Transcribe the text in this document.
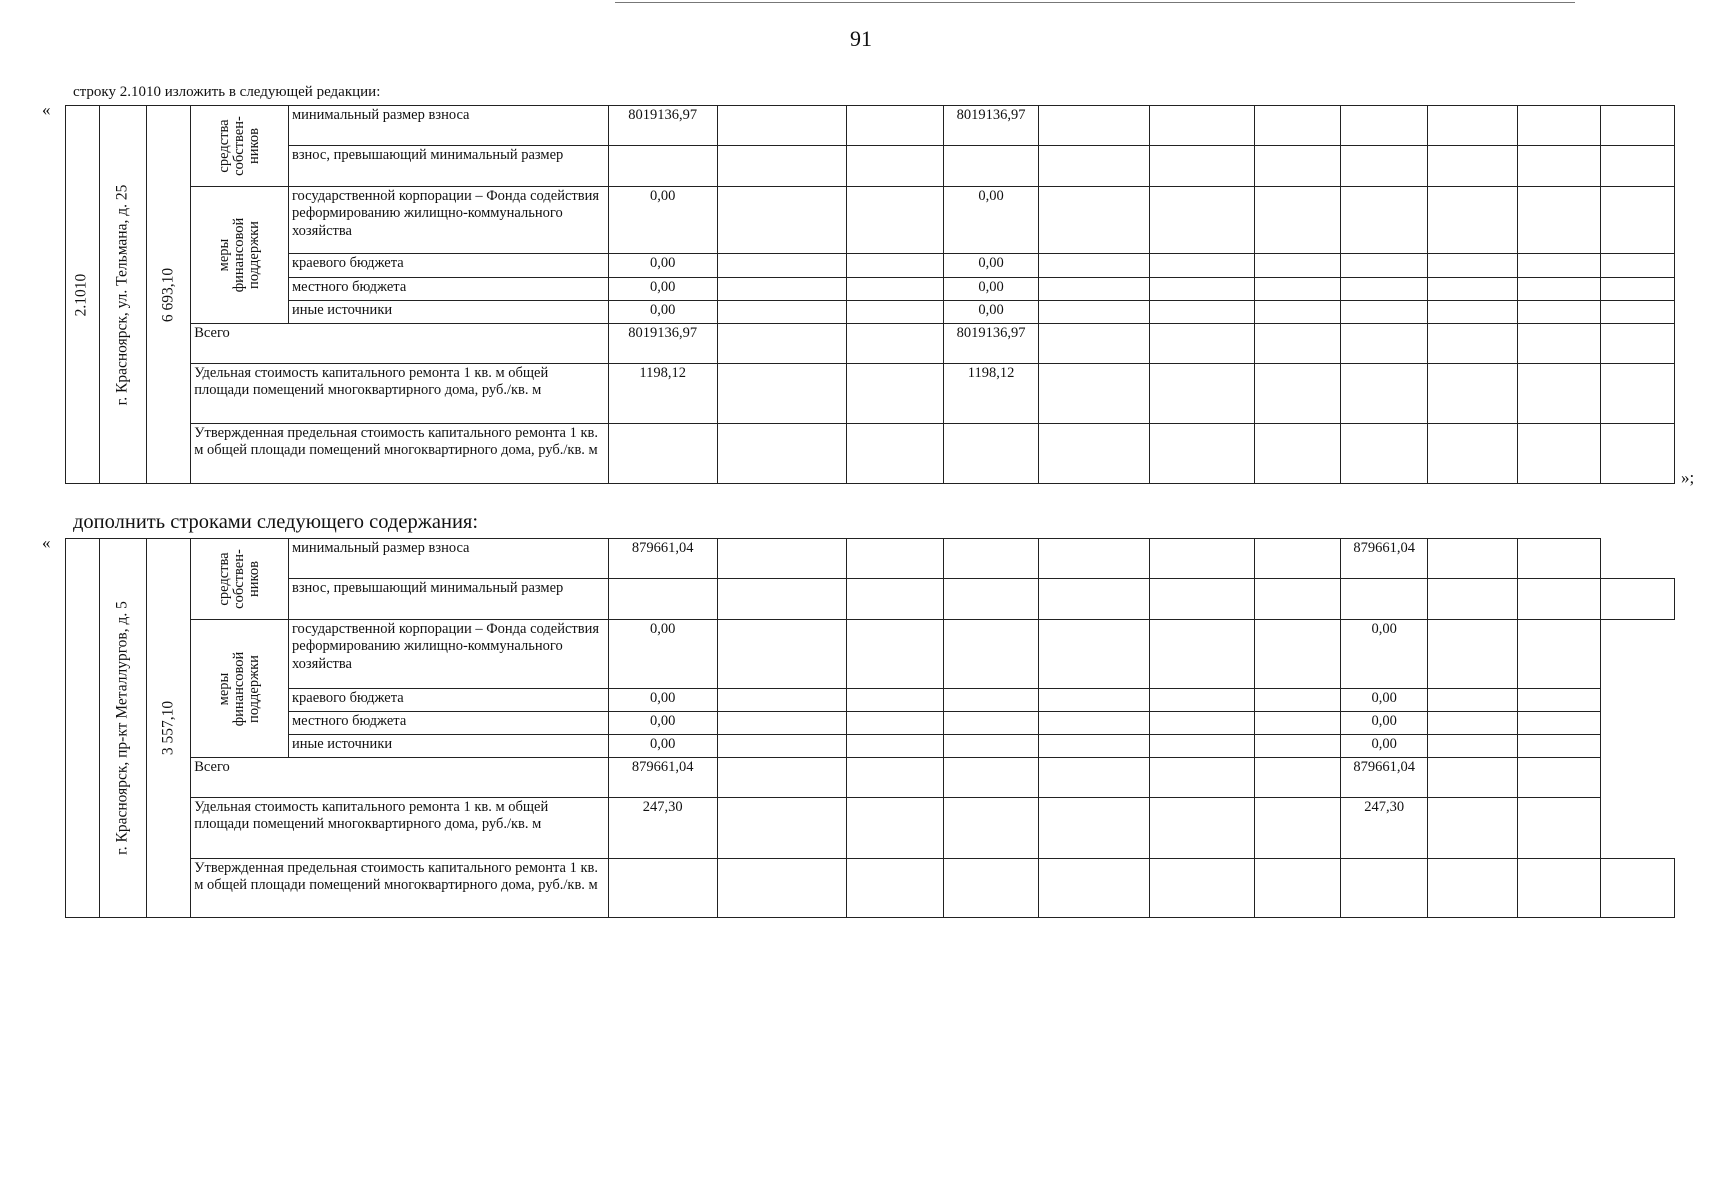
91
строку 2.1010 изложить в следующей редакции:
«
2.1010	г. Красноярск, ул. Тельмана, д. 25	6 693,10	средства
собствен-
ников	минимальный размер взноса	8019136,97			8019136,97							
				взнос, превышающий минимальный размер											

			меры финансовой
поддержки	государственной корпорации – Фонда содействия реформированию жилищно-коммунального хозяйства	0,00			0,00							
				краевого бюджета	0,00			0,00							
				местного бюджета	0,00			0,00							
				иные источники	0,00			0,00							
			Всего		8019136,97			8019136,97							
			Удельная стоимость капитального ремонта 1 кв. м общей площади помещений многоквартирного дома, руб./кв. м		1198,12			1198,12							
			Утвержденная предельная стоимость капитального ремонта 1 кв. м общей площади помещений многоквартирного дома, руб./кв. м												
»;
дополнить строками следующего содержания:
«

	г. Красноярск, пр-кт Металлургов, д. 5	3 557,10	средства
собствен-
ников	минимальный размер взноса	879661,04							879661,04			
				взнос, превышающий минимальный размер											

			меры финансовой
поддержки	государственной корпорации – Фонда содействия реформированию жилищно-коммунального хозяйства	0,00							0,00			
				краевого бюджета	0,00							0,00			
				местного бюджета	0,00							0,00			
				иные источники	0,00							0,00			
			Всего		879661,04							879661,04			
			Удельная стоимость капитального ремонта 1 кв. м общей площади помещений многоквартирного дома, руб./кв. м		247,30							247,30			
			Утвержденная предельная стоимость капитального ремонта 1 кв. м общей площади помещений многоквартирного дома, руб./кв. м												
